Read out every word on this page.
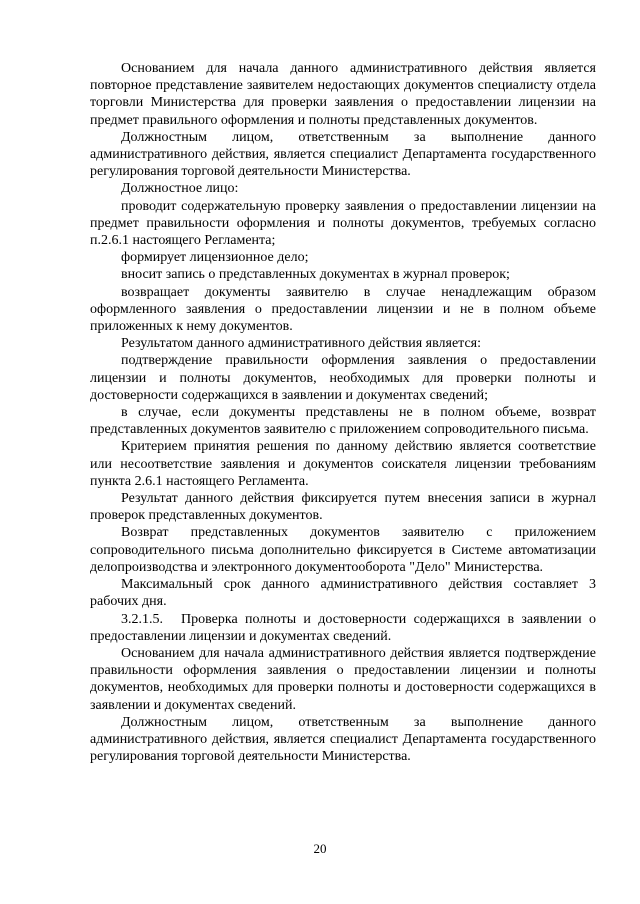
Основанием для начала данного административного действия является повторное представление заявителем недостающих документов специалисту отдела торговли Министерства для проверки заявления о предоставлении лицензии на предмет правильного оформления и полноты представленных документов.

Должностным лицом, ответственным за выполнение данного административного действия, является специалист Департамента государственного регулирования торговой деятельности Министерства.

Должностное лицо:

проводит содержательную проверку заявления о предоставлении лицензии на предмет правильности оформления и полноты документов, требуемых согласно п.2.6.1 настоящего Регламента;

формирует лицензионное дело;

вносит запись о представленных документах в журнал проверок;

возвращает документы заявителю в случае ненадлежащим образом оформленного заявления о предоставлении лицензии и не в полном объеме приложенных к нему документов.

Результатом данного административного действия является:

подтверждение правильности оформления заявления о предоставлении лицензии и полноты документов, необходимых для проверки полноты и достоверности содержащихся в заявлении и документах сведений;

в случае, если документы представлены не в полном объеме, возврат представленных документов заявителю с приложением сопроводительного письма.

Критерием принятия решения по данному действию является соответствие или несоответствие заявления и документов соискателя лицензии требованиям пункта 2.6.1 настоящего Регламента.

Результат данного действия фиксируется путем внесения записи в журнал проверок представленных документов.

Возврат представленных документов заявителю с приложением сопроводительного письма дополнительно фиксируется в Системе автоматизации делопроизводства и электронного документооборота "Дело" Министерства.

Максимальный срок данного административного действия составляет 3 рабочих дня.

3.2.1.5. Проверка полноты и достоверности содержащихся в заявлении о предоставлении лицензии и документах сведений.

Основанием для начала административного действия является подтверждение правильности оформления заявления о предоставлении лицензии и полноты документов, необходимых для проверки полноты и достоверности содержащихся в заявлении и документах сведений.

Должностным лицом, ответственным за выполнение данного административного действия, является специалист Департамента государственного регулирования торговой деятельности Министерства.

20
